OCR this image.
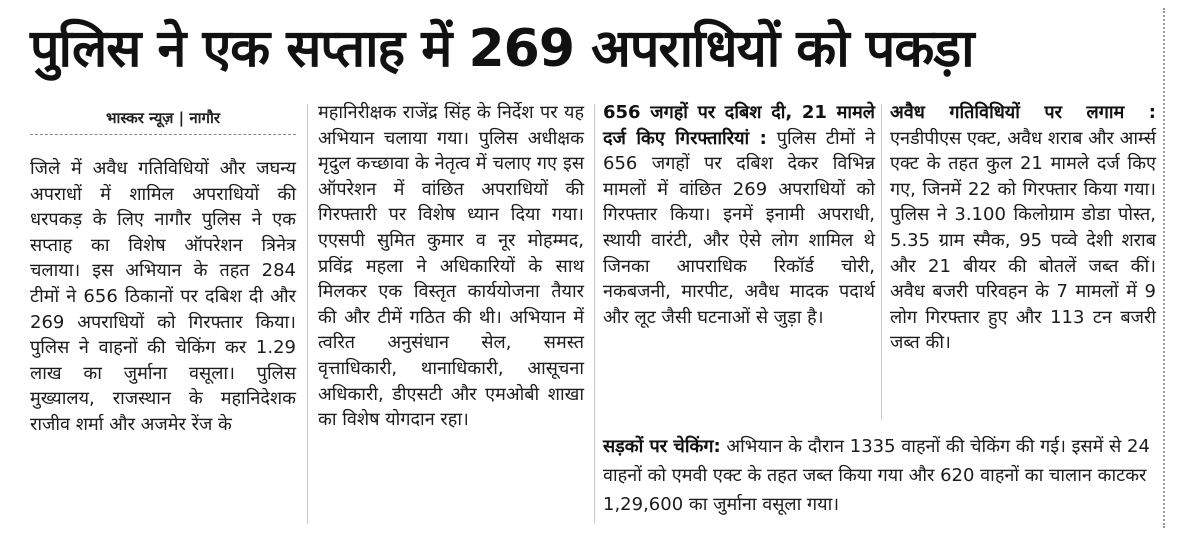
पुलिस ने एक सप्ताह में 269 अपराधियों को पकड़ा
भास्कर न्यूज़ | नागौर

जिले में अवैध गतिविधियों और जघन्य अपराधों में शामिल अपराधियों की धरपकड़ के लिए नागौर पुलिस ने एक सप्ताह का विशेष ऑपरेशन त्रिनेत्र चलाया। इस अभियान के तहत 284 टीमों ने 656 ठिकानों पर दबिश दी और 269 अपराधियों को गिरफ्तार किया। पुलिस ने वाहनों की चेकिंग कर 1.29 लाख का जुर्माना वसूला। पुलिस मुख्यालय, राजस्थान के महानिदेशक राजीव शर्मा और अजमेर रेंज के

महानिरीक्षक राजेंद्र सिंह के निर्देश पर यह अभियान चलाया गया। पुलिस अधीक्षक मृदुल कच्छावा के नेतृत्व में चलाए गए इस ऑपरेशन में वांछित अपराधियों की गिरफ्तारी पर विशेष ध्यान दिया गया। एएसपी सुमित कुमार व नूर मोहम्मद, प्रविंद्र महला ने अधिकारियों के साथ मिलकर एक विस्तृत कार्ययोजना तैयार की और टीमें गठित की थी। अभियान में त्वरित अनुसंधान सेल, समस्त वृत्ताधिकारी, थानाधिकारी, आसूचना अधिकारी, डीएसटी और एमओबी शाखा का विशेष योगदान रहा।

656 जगहों पर दबिश दी, 21 मामले दर्ज किए गिरफ्तारियां : पुलिस टीमों ने 656 जगहों पर दबिश देकर विभिन्न मामलों में वांछित 269 अपराधियों को गिरफ्तार किया। इनमें इनामी अपराधी, स्थायी वारंटी, और ऐसे लोग शामिल थे जिनका आपराधिक रिकॉर्ड चोरी, नकबजनी, मारपीट, अवैध मादक पदार्थ और लूट जैसी घटनाओं से जुड़ा है।

अवैध गतिविधियों पर लगाम : एनडीपीएस एक्ट, अवैध शराब और आर्म्स एक्ट के तहत कुल 21 मामले दर्ज किए गए, जिनमें 22 को गिरफ्तार किया गया। पुलिस ने 3.100 किलोग्राम डोडा पोस्त, 5.35 ग्राम स्मैक, 95 पव्वे देशी शराब और 21 बीयर की बोतलें जब्त कीं। अवैध बजरी परिवहन के 7 मामलों में 9 लोग गिरफ्तार हुए और 113 टन बजरी जब्त की।

सड़कों पर चेकिंग: अभियान के दौरान 1335 वाहनों की चेकिंग की गई। इसमें से 24 वाहनों को एमवी एक्ट के तहत जब्त किया गया और 620 वाहनों का चालान काटकर 1,29,600 का जुर्माना वसूला गया।
